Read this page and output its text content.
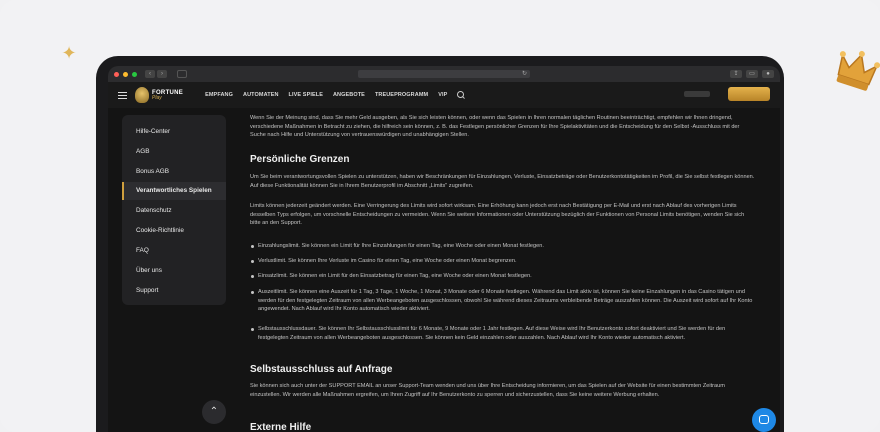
✦
‹	›	↻	⇪	▭	●
FORTUNE
Play	EMPFANG AUTOMATEN LIVE SPIELE ANGEBOTE TREUEPROGRAMM VIP
Hilfe-Center
AGB
Bonus AGB
Verantwortliches Spielen
Datenschutz
Cookie-Richtlinie
FAQ
Über uns
Support

Wenn Sie der Meinung sind, dass Sie mehr Geld ausgeben, als Sie sich leisten können, oder wenn das Spielen in Ihren normalen täglichen Routinen beeinträchtigt, empfehlen wir Ihnen dringend, verschiedene Maßnahmen in Betracht zu ziehen, die hilfreich sein können, z. B. das Festlegen persönlicher Grenzen für Ihre Spielaktivitäten und die Entscheidung für den Selbst -Ausschluss mit der Suche nach Hilfe und Unterstützung von vertrauenswürdigen und unabhängigen Stellen.

Persönliche Grenzen

Um Sie beim verantwortungsvollen Spielen zu unterstützen, haben wir Beschränkungen für Einzahlungen, Verluste, Einsatzbeträge oder Benutzerkontotätigkeiten im Profil, die Sie selbst festlegen können. Auf diese Funktionalität können Sie in Ihrem Benutzerprofil im Abschnitt „Limits" zugreifen.

Limits können jederzeit geändert werden. Eine Verringerung des Limits wird sofort wirksam. Eine Erhöhung kann jedoch erst nach Bestätigung per E-Mail und erst nach Ablauf des vorherigen Limits desselben Typs erfolgen, um vorschnelle Entscheidungen zu vermeiden. Wenn Sie weitere Informationen oder Unterstützung bezüglich der Funktionen von Personal Limits benötigen, wenden Sie sich bitte an den Support.

Einzahlungslimit. Sie können ein Limit für Ihre Einzahlungen für einen Tag, eine Woche oder einen Monat festlegen.
Verlustlimit. Sie können Ihre Verluste im Casino für einen Tag, eine Woche oder einen Monat begrenzen.
Einsatzlimit. Sie können ein Limit für den Einsatzbetrag für einen Tag, eine Woche oder einen Monat festlegen.
Auszeitlimit. Sie können eine Auszeit für 1 Tag, 3 Tage, 1 Woche, 1 Monat, 3 Monate oder 6 Monate festlegen. Während das Limit aktiv ist, können Sie keine Einzahlungen in das Casino tätigen und werden für den festgelegten Zeitraum von allen Werbeangeboten ausgeschlossen, obwohl Sie während dieses Zeitraums verbleibende Beträge auszahlen können. Die Auszeit wird sofort auf Ihr Konto angewendet. Nach Ablauf wird Ihr Konto automatisch wieder aktiviert.
Selbstausschlussdauer. Sie können Ihr Selbstausschlusslimit für 6 Monate, 9 Monate oder 1 Jahr festlegen. Auf diese Weise wird Ihr Benutzerkonto sofort deaktiviert und Sie werden für den festgelegten Zeitraum von allen Werbeangeboten ausgeschlossen. Sie können kein Geld einzahlen oder auszahlen. Nach Ablauf wird Ihr Konto wieder automatisch aktiviert.
Selbstausschluss auf Anfrage

Sie können sich auch unter der SUPPORT EMAIL an unser Support-Team wenden und uns über Ihre Entscheidung informieren, um das Spielen auf der Website für einen bestimmten Zeitraum einzustellen. Wir werden alle Maßnahmen ergreifen, um Ihren Zugriff auf Ihr Benutzerkonto zu sperren und sicherzustellen, dass Sie keine weitere Werbung erhalten.

Externe Hilfe
⌃
